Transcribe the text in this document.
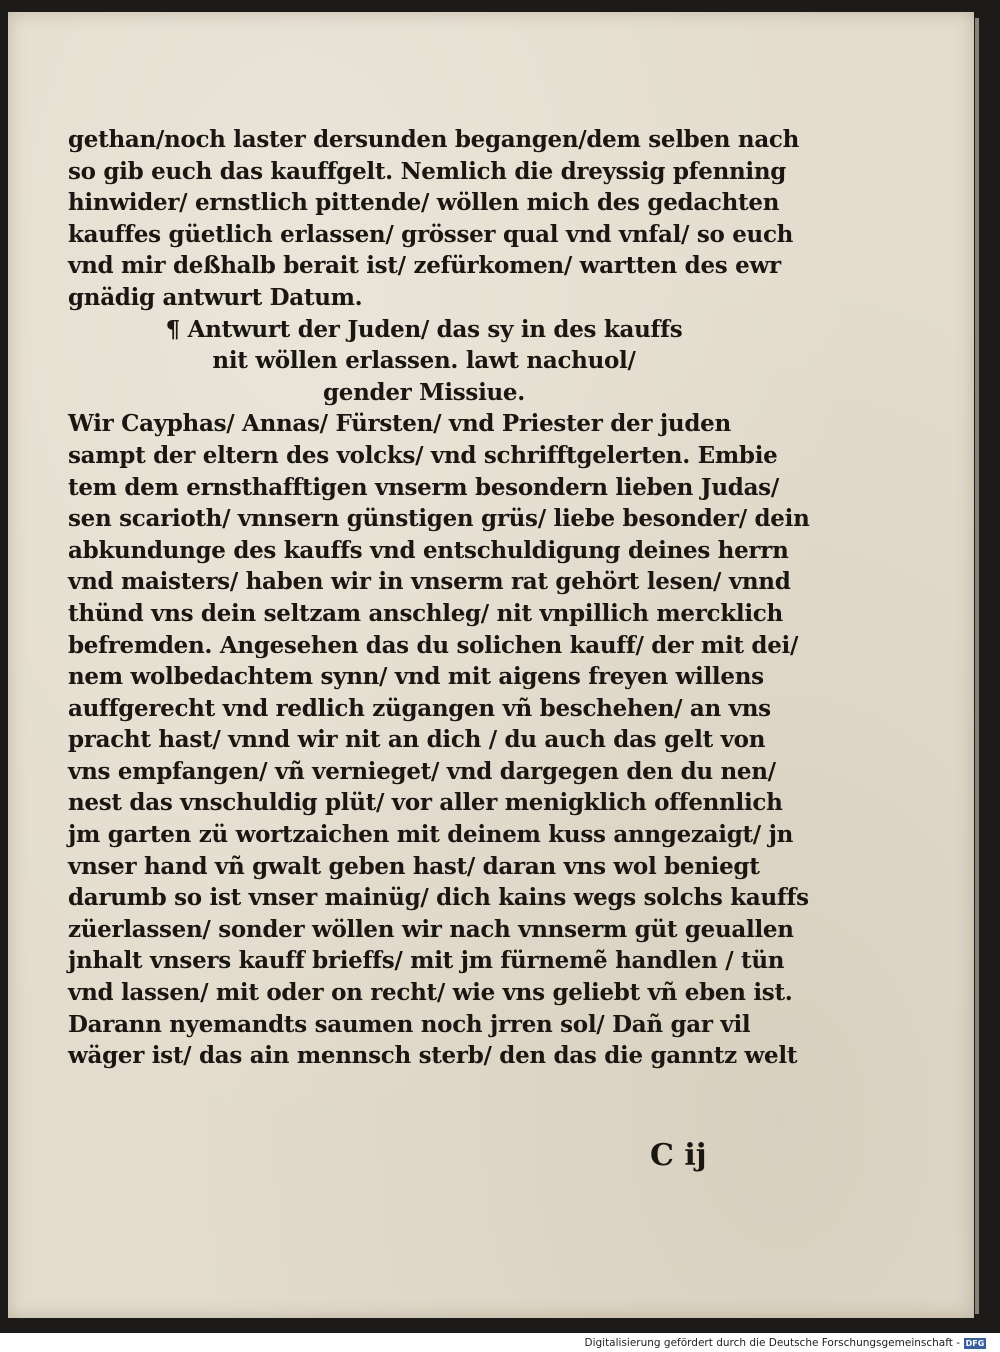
gethan/noch laster dersunden begangen/dem selben nach
so gib euch das kauffgelt. Nemlich die dreyssig pfenning
hinwider/ ernstlich pittende/ wöllen mich des gedachten
kauffes güetlich erlassen/ grösser qual vnd vnfal/ so euch
vnd mir deßhalb berait ist/ zefürkomen/ wartten des ewr
gnädig antwurt Datum.
¶ Antwurt der Juden/ das sy in des kauffs
nit wöllen erlassen. lawt nachuol/
gender Missiue.
Wir Cayphas/ Annas/ Fürsten/ vnd Priester der juden
sampt der eltern des volcks/ vnd schrifftgelerten. Embie
tem dem ernsthafftigen vnserm besondern lieben Judas/
sen scarioth/ vnnsern günstigen grüs/ liebe besonder/ dein
abkundunge des kauffs vnd entschuldigung deines herrn
vnd maisters/ haben wir in vnserm rat gehört lesen/ vnnd
thünd vns dein seltzam anschleg/ nit vnpillich mercklich
befremden. Angesehen das du solichen kauff/ der mit dei/
nem wolbedachtem synn/ vnd mit aigens freyen willens
auffgerecht vnd redlich zügangen vñ beschehen/ an vns
pracht hast/ vnnd wir nit an dich / du auch das gelt von
vns empfangen/ vñ vernieget/ vnd dargegen den du nen/
nest das vnschuldig plüt/ vor aller menigklich offennlich
jm garten zü wortzaichen mit deinem kuss anngezaigt/ jn
vnser hand vñ gwalt geben hast/ daran vns wol beniegt
darumb so ist vnser mainüg/ dich kains wegs solchs kauffs
züerlassen/ sonder wöllen wir nach vnnserm güt geuallen
jnhalt vnsers kauff brieffs/ mit jm fürnemẽ handlen / tün
vnd lassen/ mit oder on recht/ wie vns geliebt vñ eben ist.
Darann nyemandts saumen noch jrren sol/ Dañ gar vil
wäger ist/ das ain mennsch sterb/ den das die ganntz welt
C ij
Digitalisierung gefördert durch die Deutsche Forschungsgemeinschaft - DFG
